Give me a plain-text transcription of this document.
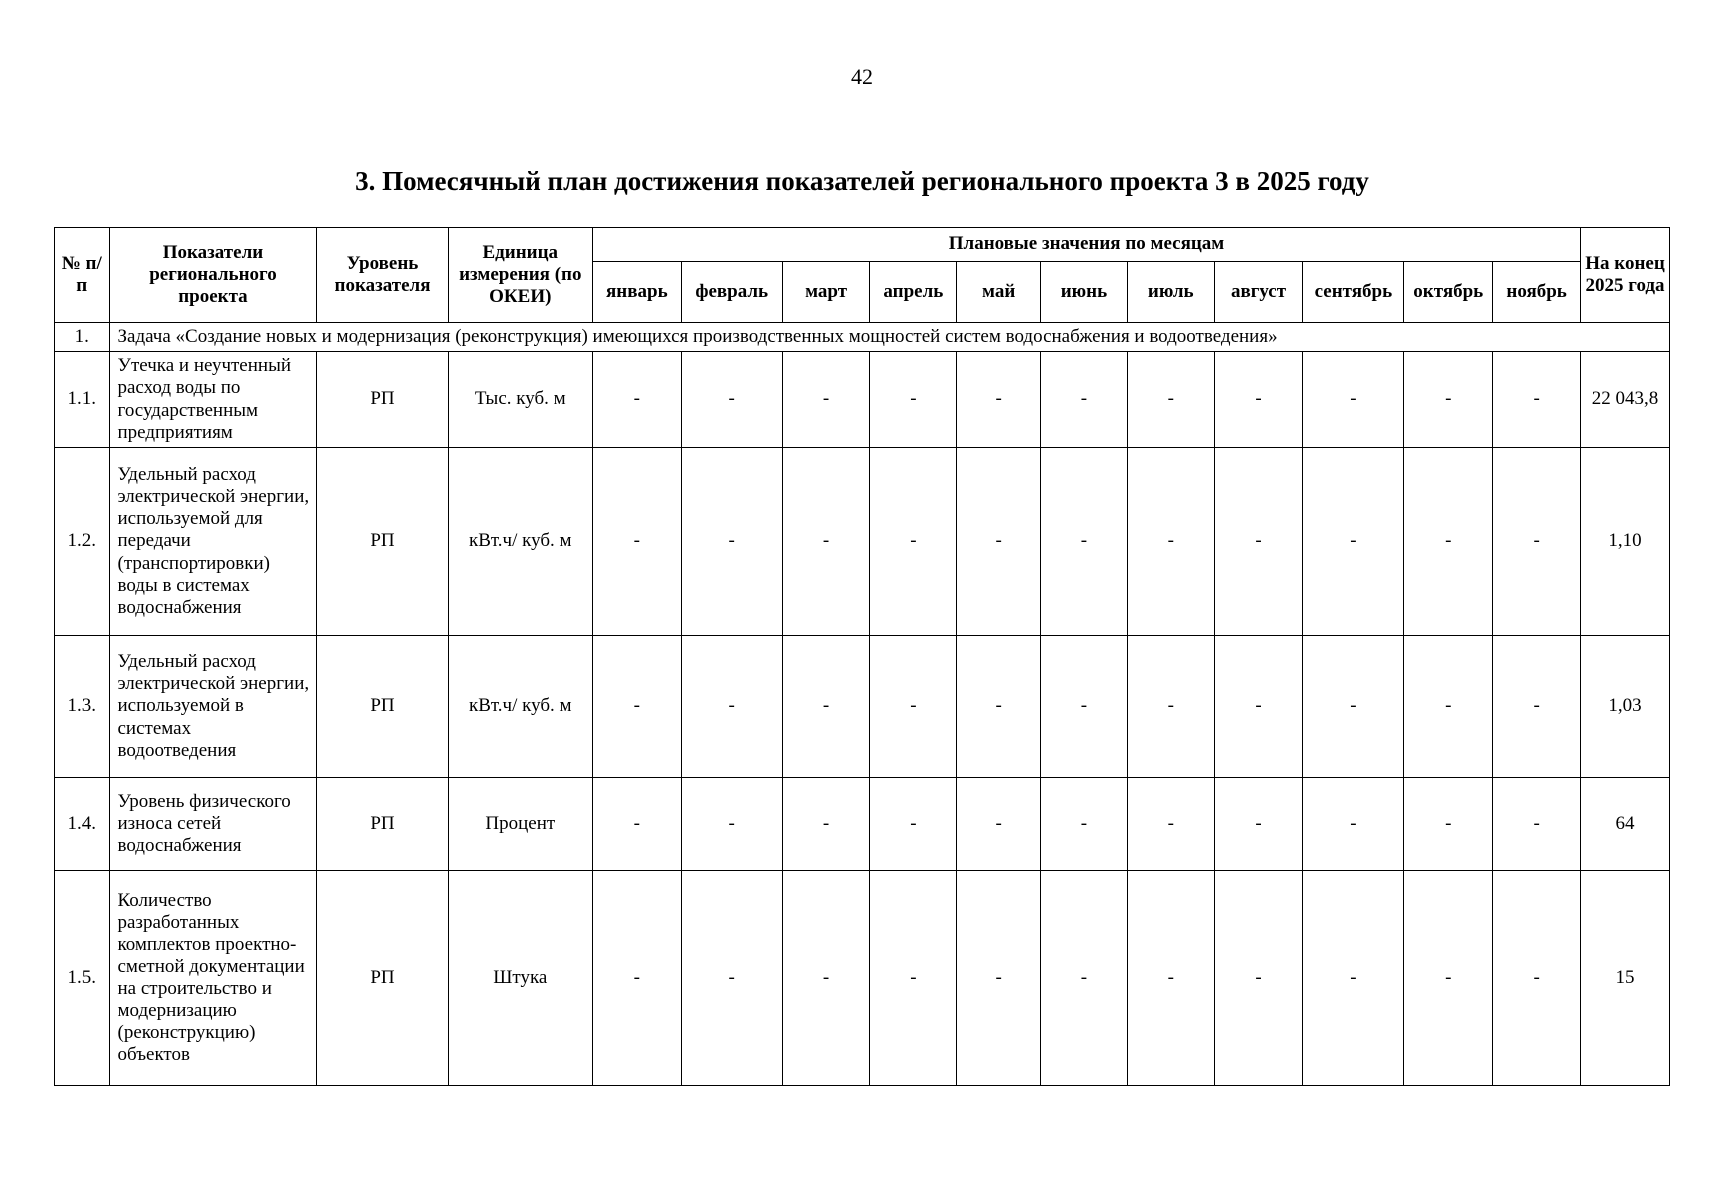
42
3. Помесячный план достижения показателей регионального проекта 3 в 2025 году
№ п/п	Показатели регионального проекта	Уровень показателя	Единица измерения (по ОКЕИ)	Плановые значения по месяцам											На конец 2025 года
				январь	февраль	март	апрель	май	июнь	июль	август	сентябрь	октябрь	ноябрь	
1.	Задача «Создание новых и модернизация (реконструкция) имеющихся производственных мощностей систем водоснабжения и водоотведения»														
1.1.	Утечка и неучтенный расход воды по государственным предприятиям	РП	Тыс. куб. м	-	-	-	-	-	-	-	-	-	-	-	22 043,8
1.2.	Удельный расход электрической энергии, используемой для передачи (транспортировки) воды в системах водоснабжения	РП	кВт.ч/ куб. м	-	-	-	-	-	-	-	-	-	-	-	1,10
1.3.	Удельный расход электрической энергии, используемой в системах водоотведения	РП	кВт.ч/ куб. м	-	-	-	-	-	-	-	-	-	-	-	1,03
1.4.	Уровень физического износа сетей водоснабжения	РП	Процент	-	-	-	-	-	-	-	-	-	-	-	64
1.5.	Количество разработанных комплектов проектно-сметной документации на строительство и модернизацию (реконструкцию) объектов	РП	Штука	-	-	-	-	-	-	-	-	-	-	-	15
